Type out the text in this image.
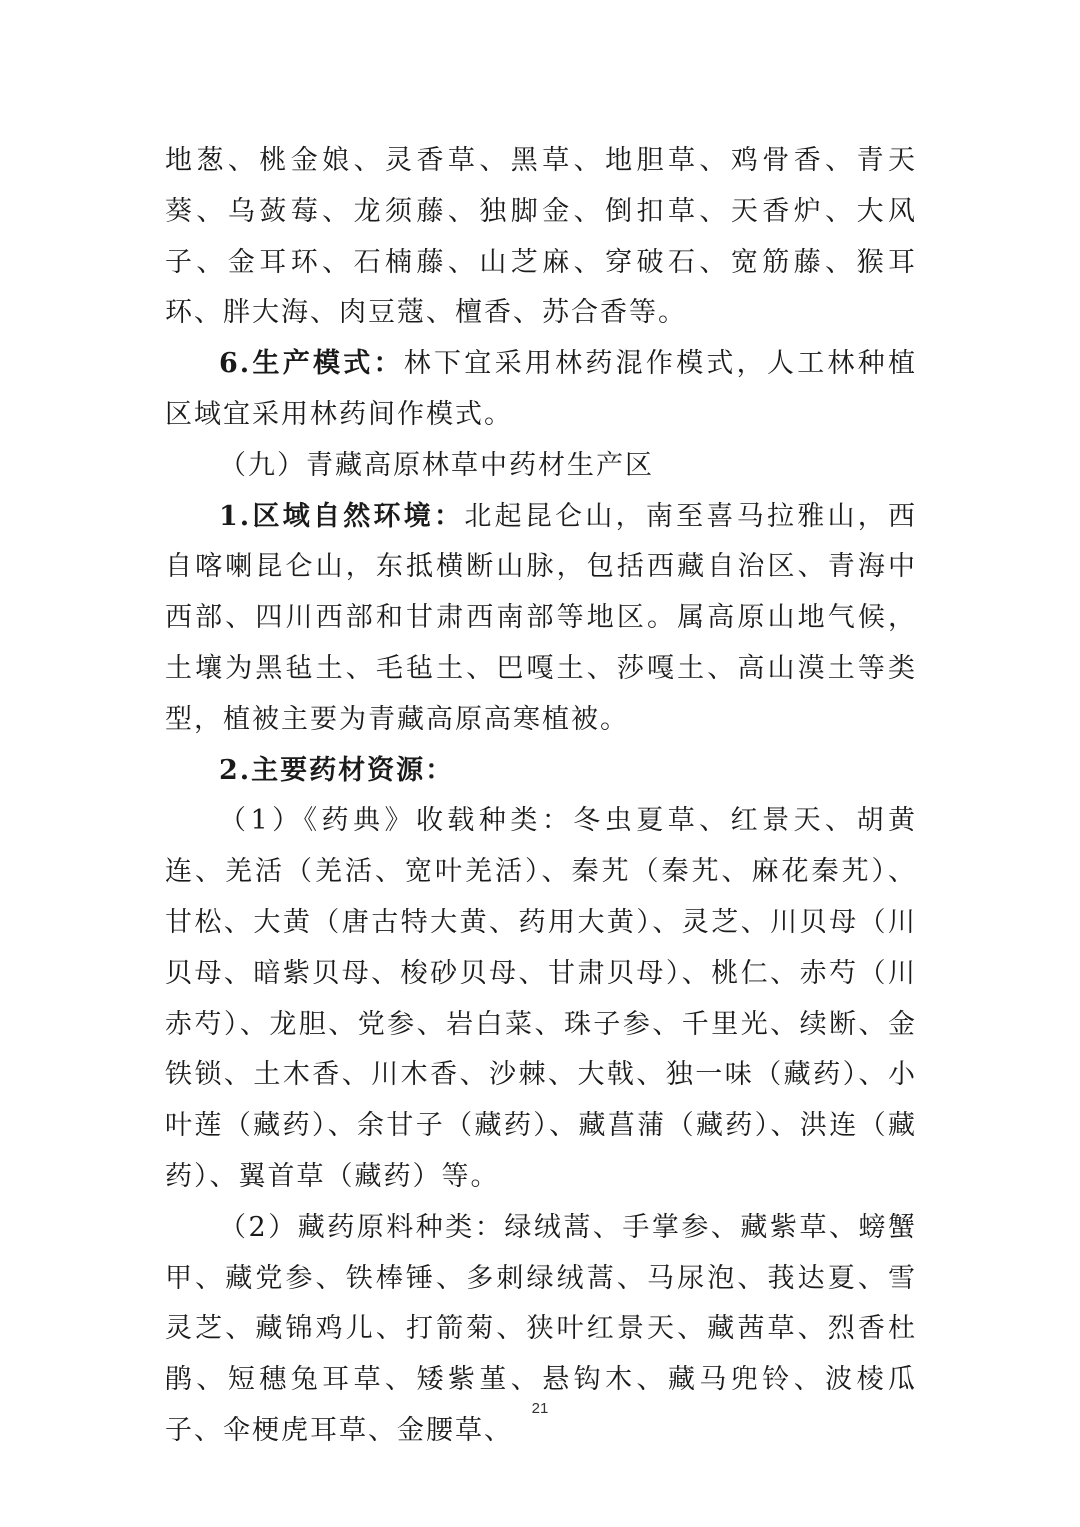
地葱、桃金娘、灵香草、黑草、地胆草、鸡骨香、青天葵、乌蔹莓、龙须藤、独脚金、倒扣草、天香炉、大风子、金耳环、石楠藤、山芝麻、穿破石、宽筋藤、猴耳环、胖大海、肉豆蔻、檀香、苏合香等。

6.生产模式：林下宜采用林药混作模式，人工林种植区域宜采用林药间作模式。

（九）青藏高原林草中药材生产区

1.区域自然环境：北起昆仑山，南至喜马拉雅山，西自喀喇昆仑山，东抵横断山脉，包括西藏自治区、青海中西部、四川西部和甘肃西南部等地区。属高原山地气候，土壤为黑毡土、毛毡土、巴嘎土、莎嘎土、高山漠土等类型，植被主要为青藏高原高寒植被。

2.主要药材资源：

（1）《药典》收载种类：冬虫夏草、红景天、胡黄连、羌活（羌活、宽叶羌活）、秦艽（秦艽、麻花秦艽）、甘松、大黄（唐古特大黄、药用大黄）、灵芝、川贝母（川贝母、暗紫贝母、梭砂贝母、甘肃贝母）、桃仁、赤芍（川赤芍）、龙胆、党参、岩白菜、珠子参、千里光、续断、金铁锁、土木香、川木香、沙棘、大戟、独一味（藏药）、小叶莲（藏药）、余甘子（藏药）、藏菖蒲（藏药）、洪连（藏药）、翼首草（藏药）等。

（2）藏药原料种类：绿绒蒿、手掌参、藏紫草、螃蟹甲、藏党参、铁棒锤、多刺绿绒蒿、马尿泡、莪达夏、雪灵芝、藏锦鸡儿、打箭菊、狭叶红景天、藏茜草、烈香杜鹃、短穗兔耳草、矮紫堇、悬钩木、藏马兜铃、波棱瓜子、伞梗虎耳草、金腰草、

21
